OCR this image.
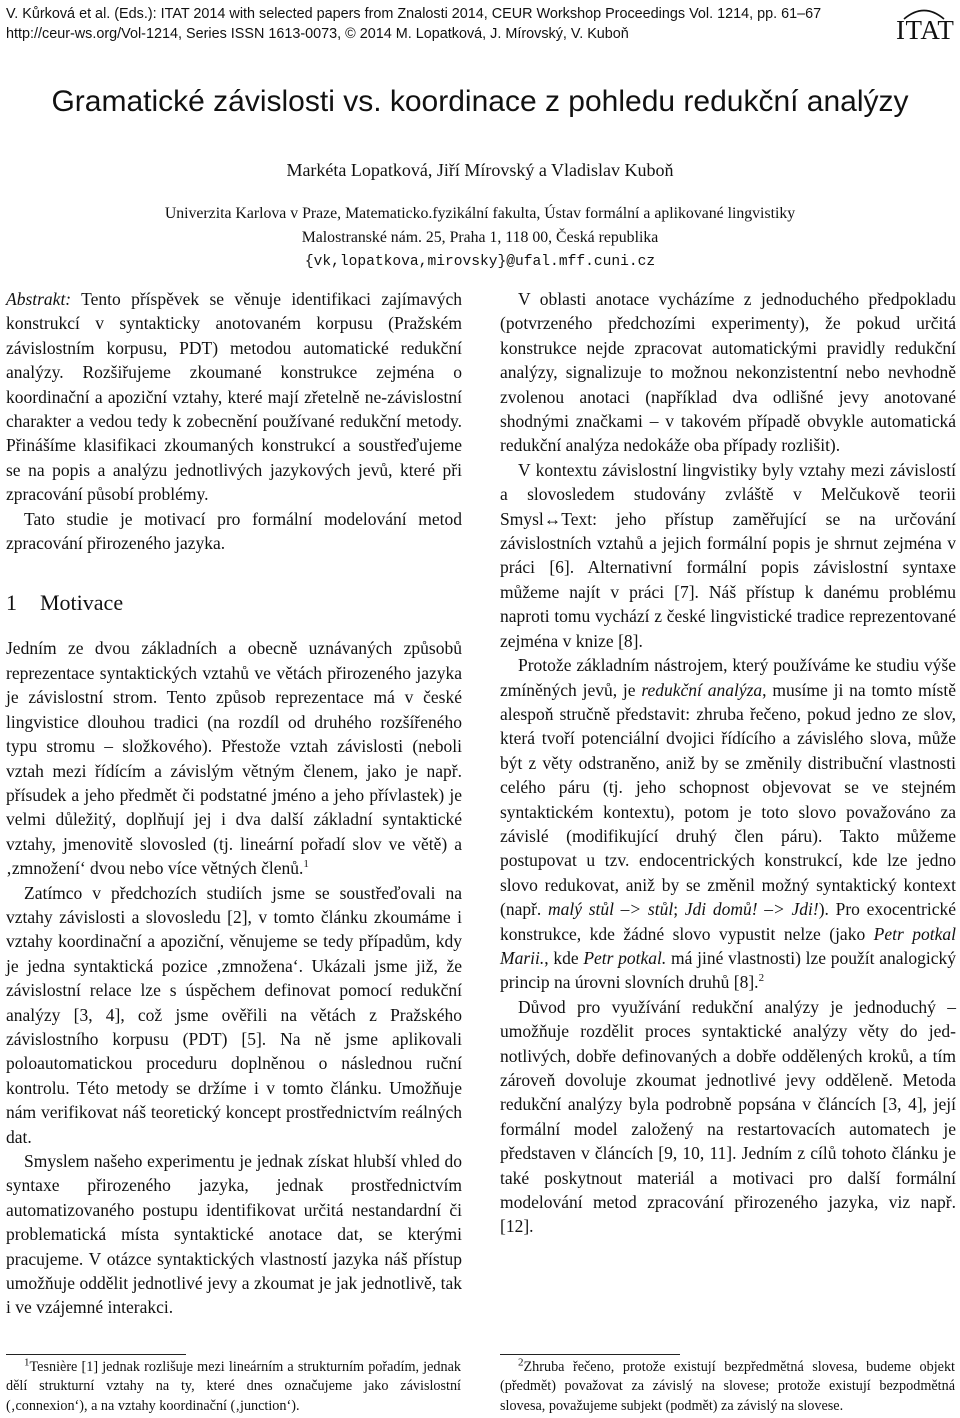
V. Kůrková et al. (Eds.): ITAT 2014 with selected papers from Znalosti 2014, CEUR Workshop Proceedings Vol. 1214, pp. 61–67
http://ceur-ws.org/Vol-1214, Series ISSN 1613-0073, © 2014 M. Lopatková, J. Mírovský, V. Kuboň	ITAT
Gramatické závislosti vs. koordinace z pohledu redukční analýzy
Markéta Lopatková, Jiří Mírovský a Vladislav Kuboň
Univerzita Karlova v Praze, Matematicko.fyzikální fakulta, Ústav formální a aplikované lingvistiky
Malostranské nám. 25, Praha 1, 118 00, Česká republika
{vk,lopatkova,mirovsky}@ufal.mff.cuni.cz

Abstrakt: Tento příspěvek se věnuje identifikaci zajímavých konstrukcí v syntakticky anotovaném korpusu (Pražském závislostním korpusu, PDT) metodou automatické redukční analýzy. Rozšiřujeme zkoumané konstrukce zejména o koordinační a apoziční vztahy, které mají zřetelně ne-závislostní charakter a vedou tedy k zobecnění používané redukční metody. Přinášíme klasifikaci zkoumaných konstrukcí a soustřeďujeme se na popis a analýzu jednotlivých jazykových jevů, které při zpracování působí problémy.

Tato studie je motivací pro formální modelování metod zpracování přirozeného jazyka.

1 Motivace

Jedním ze dvou základních a obecně uznávaných způsobů reprezentace syntaktických vztahů ve větách přirozeného jazyka je závislostní strom. Tento způsob reprezentace má v české lingvistice dlouhou tradici (na rozdíl od druhého rozšířeného typu stromu – složkového). Přestože vztah závislosti (neboli vztah mezi řídícím a závislým větným členem, jako je např. přísudek a jeho předmět či podstatné jméno a jeho přívlastek) je velmi důležitý, doplňují jej i dva další základní syntaktické vztahy, jmenovitě slovosled (tj. lineární pořadí slov ve větě) a ‚zmnožení‘ dvou nebo více větných členů.$^1$

Zatímco v předchozích studiích jsme se soustřeďovali na vztahy závislosti a slovosledu [2], v tomto článku zkoumáme i vztahy koordinační a apoziční, věnujeme se tedy případům, kdy je jedna syntaktická pozice ‚zmnožena‘. Ukázali jsme již, že závislostní relace lze s úspěchem definovat pomocí redukční analýzy [3, 4], což jsme ověřili na větách z Pražského závislostního korpusu (PDT) [5]. Na ně jsme aplikovali poloautomatickou proceduru doplněnou o následnou ruční kontrolu. Této metody se držíme i v tomto článku. Umožňuje nám verifikovat náš teoretický koncept prostřednictvím reálných dat.

Smyslem našeho experimentu je jednak získat hlubší vhled do syntaxe přirozeného jazyka, jednak prostřednictvím automatizovaného postupu identifikovat určitá nestandardní či problematická místa syntaktické anotace dat, se kterými pracujeme. V otázce syntaktických vlastností jazyka náš přístup umožňuje oddělit jednotlivé jevy a zkoumat je jak jednotlivě, tak i ve vzájemné interakci.

V oblasti anotace vycházíme z jednoduchého předpokladu (potvrzeného předchozími experimenty), že pokud určitá konstrukce nejde zpracovat automatickými pravidly redukční analýzy, signalizuje to možnou nekonzistentní nebo nevhodně zvolenou anotaci (například dva odlišné jevy anotované shodnými značkami – v takovém případě obvykle automatická redukční analýza nedokáže oba případy rozlišit).

V kontextu závislostní lingvistiky byly vztahy mezi závislostí a slovosledem studovány zvláště v Melčukově teorii Smysl↔Text: jeho přístup zaměřující se na určování závislostních vztahů a jejich formální popis je shrnut zejména v práci [6]. Alternativní formální popis závislostní syntaxe můžeme najít v práci [7]. Náš přístup k danému problému naproti tomu vychází z české lingvistické tradice reprezentované zejména v knize [8].

Protože základním nástrojem, který používáme ke studiu výše zmíněných jevů, je redukční analýza, musíme ji na tomto místě alespoň stručně představit: zhruba řečeno, pokud jedno ze slov, která tvoří potenciální dvojici řídícího a závislého slova, může být z věty odstraněno, aniž by se změnily distribuční vlastnosti celého páru (tj. jeho schopnost objevovat se ve stejném syntaktickém kontextu), potom je toto slovo považováno za závislé (modifikující druhý člen páru). Takto můžeme postupovat u tzv. endocentrických konstrukcí, kde lze jedno slovo redukovat, aniž by se změnil možný syntaktický kontext (např. malý stůl –> stůl; Jdi domů! –> Jdi!). Pro exocentrické konstrukce, kde žádné slovo vypustit nelze (jako Petr potkal Marii., kde Petr potkal. má jiné vlastnosti) lze použít analogický princip na úrovni slovních druhů [8].$^2$

Důvod pro využívání redukční analýzy je jednoduchý – umožňuje rozdělit proces syntaktické analýzy věty do jednotlivých, dobře definovaných a dobře oddělených kroků, a tím zároveň dovoluje zkoumat jednotlivé jevy odděleně. Metoda redukční analýzy byla podrobně popsána v článcích [3, 4], její formální model založený na restartovacích automatech je představen v článcích [9, 10, 11]. Jedním z cílů tohoto článku je také poskytnout materiál a motivaci pro další formální modelování metod zpracování přirozeného jazyka, viz např. [12].

$^1$Tesnière [1] jednak rozlišuje mezi lineárním a strukturním pořadím, jednak dělí strukturní vztahy na ty, které dnes označujeme jako závislostní (‚connexion‘), a na vztahy koordinační (‚junction‘).

$^2$Zhruba řečeno, protože existují bezpředmětná slovesa, budeme objekt (předmět) považovat za závislý na slovese; protože existují bezpodmětná slovesa, považujeme subjekt (podmět) za závislý na slovese.
